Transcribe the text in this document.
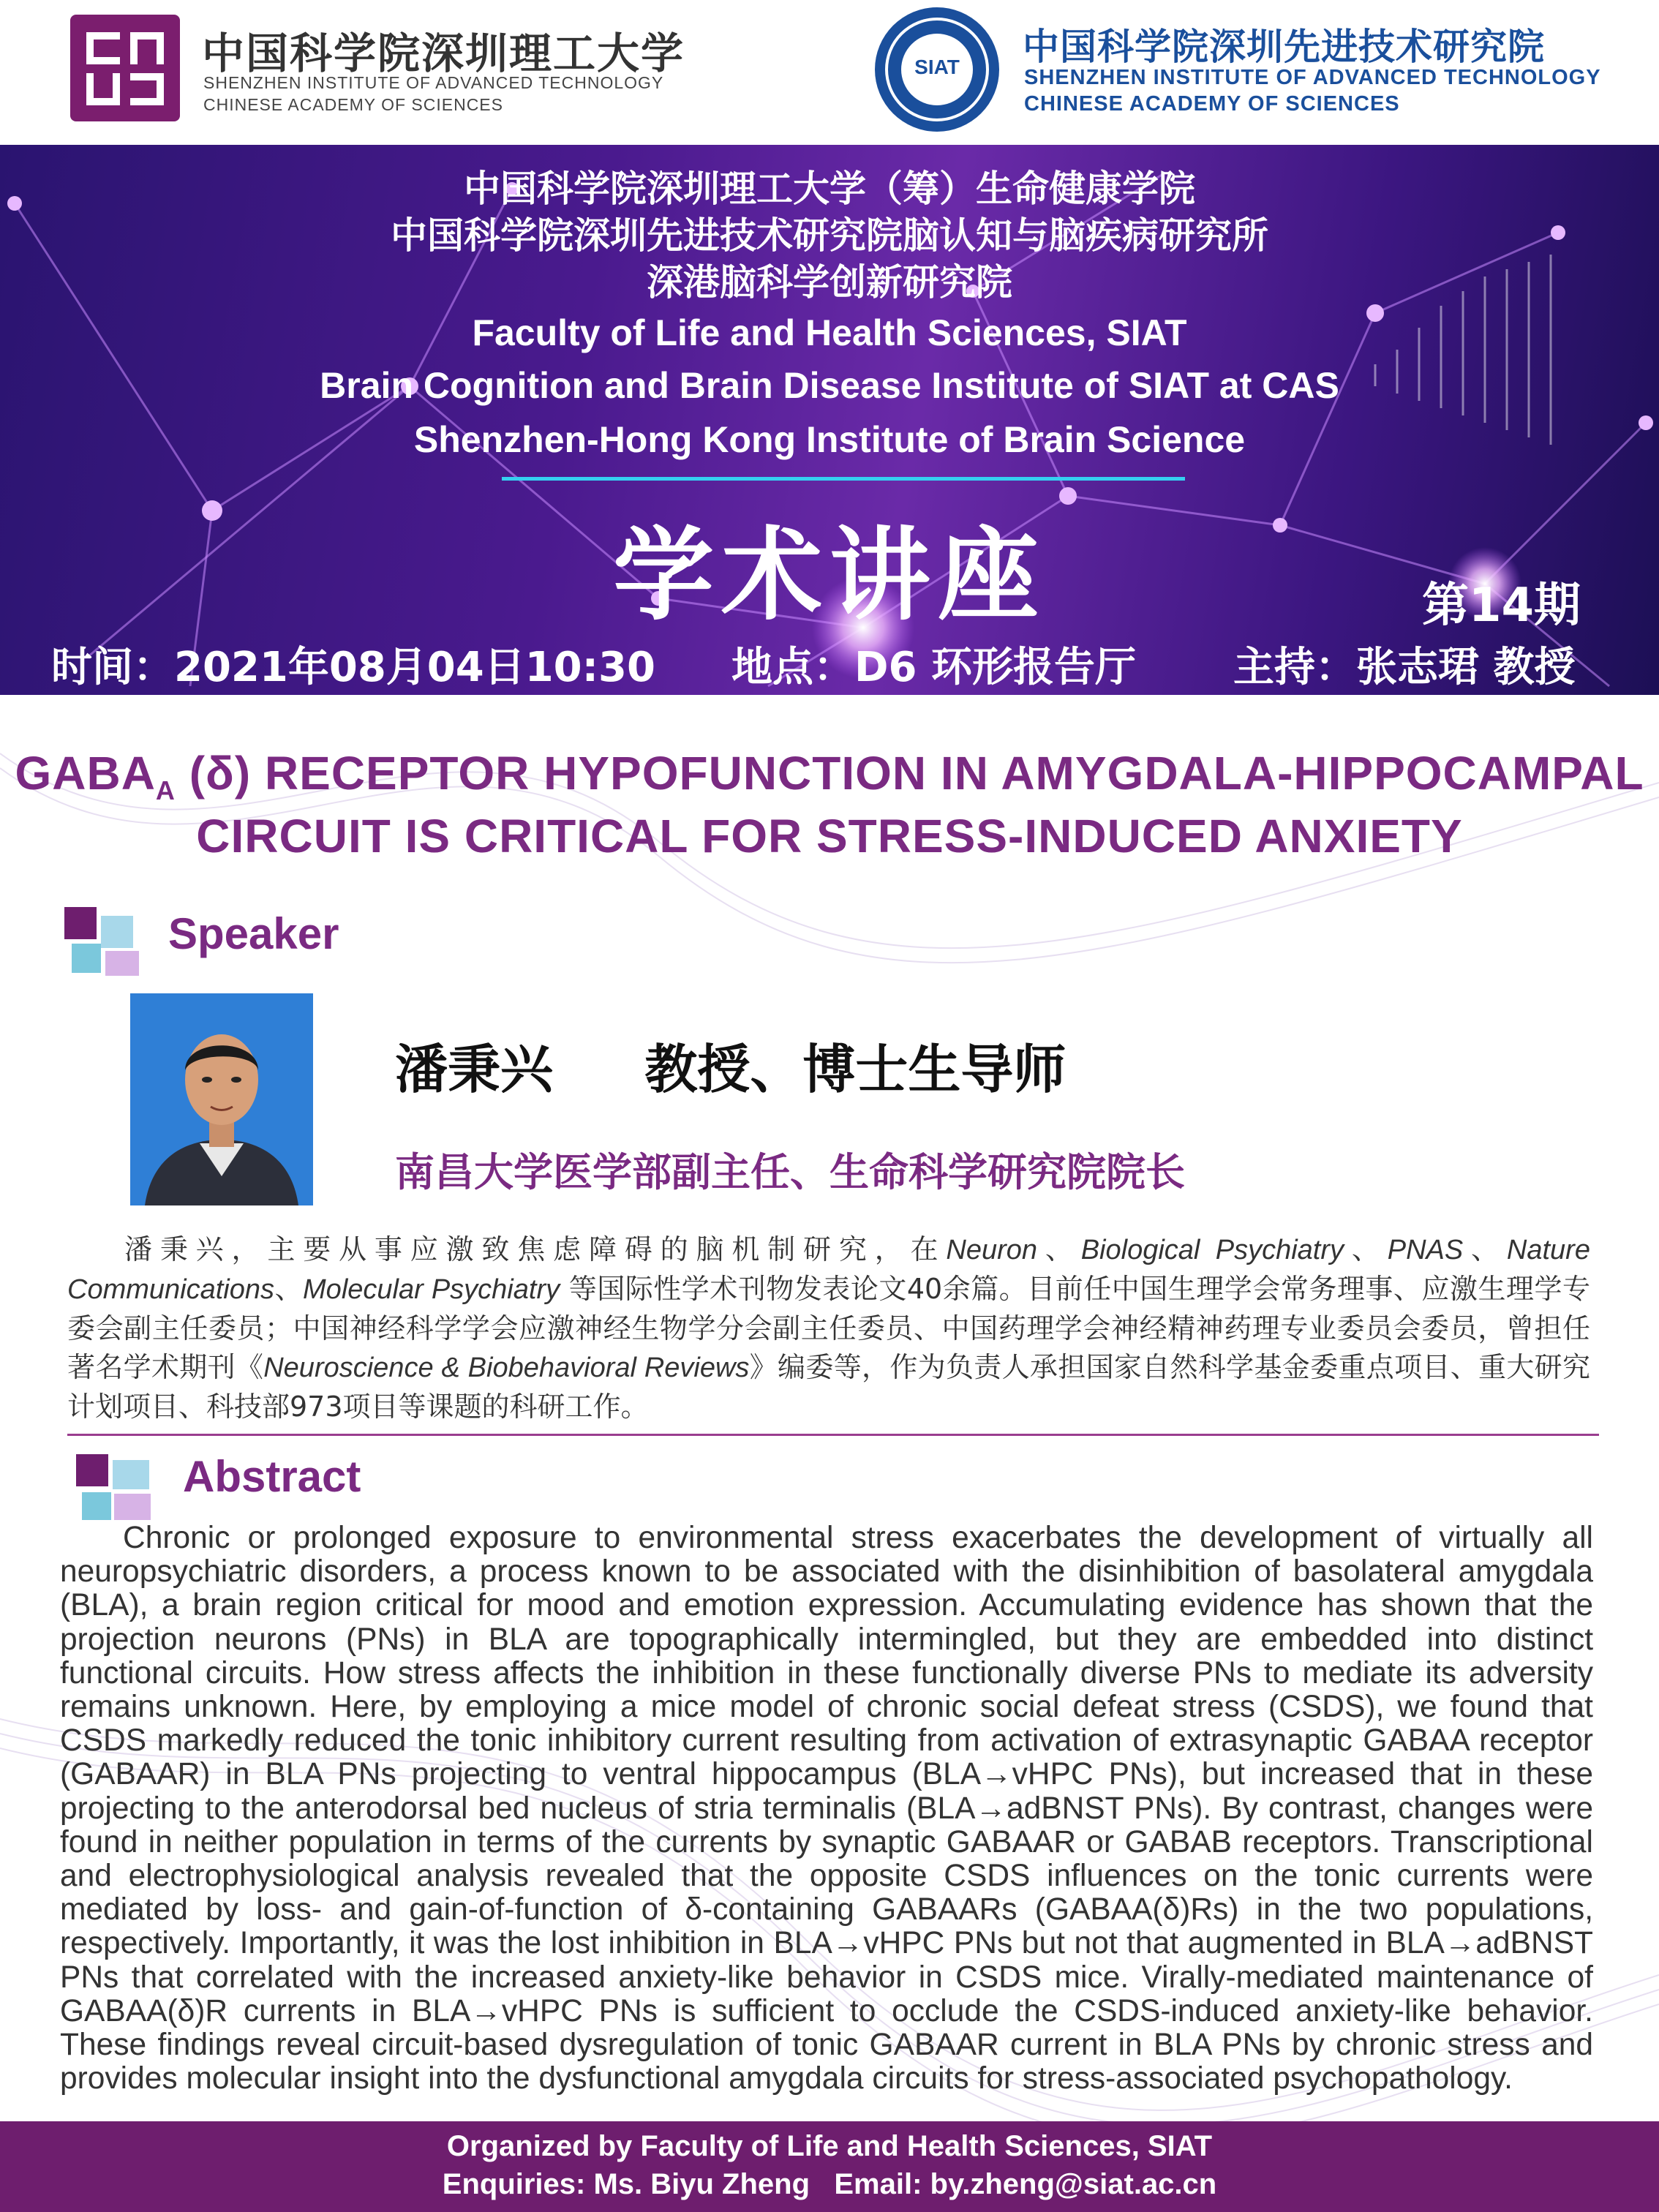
中国科学院深圳理工大学
SHENZHEN INSTITUTE OF ADVANCED TECHNOLOGY
CHINESE ACADEMY OF SCIENCES
SIAT 中国科学院深圳先进技术研究院
SHENZHEN INSTITUTE OF ADVANCED TECHNOLOGY
CHINESE ACADEMY OF SCIENCES
中国科学院深圳理工大学（筹）生命健康学院
中国科学院深圳先进技术研究院脑认知与脑疾病研究所
深港脑科学创新研究院
Faculty of Life and Health Sciences, SIAT
Brain Cognition and Brain Disease Institute of SIAT at CAS
Shenzhen-Hong Kong Institute of Brain Science
学术讲座	第14期
时间：2021年08月04日10:30 地点：D6 环形报告厅 主持：张志珺 教授
$GABA_A$ (δ) RECEPTOR HYPOFUNCTION IN AMYGDALA-HIPPOCAMPAL
CIRCUIT IS CRITICAL FOR STRESS-INDUCED ANXIETY
Speaker
潘秉兴     教授、博士生导师
南昌大学医学部副主任、生命科学研究院院长
潘秉兴，主要从事应激致焦虑障碍的脑机制研究，在Neuron、Biological Psychiatry、PNAS、Nature Communications、Molecular Psychiatry 等国际性学术刊物发表论文40余篇。目前任中国生理学会常务理事、应激生理学专委会副主任委员；中国神经科学学会应激神经生物学分会副主任委员、中国药理学会神经精神药理专业委员会委员，曾担任著名学术期刊《Neuroscience & Biobehavioral Reviews》编委等，作为负责人承担国家自然科学基金委重点项目、重大研究计划项目、科技部973项目等课题的科研工作。
Abstract
Chronic or prolonged exposure to environmental stress exacerbates the development of virtually all neuropsychiatric disorders, a process known to be associated with the disinhibition of basolateral amygdala (BLA), a brain region critical for mood and emotion expression. Accumulating evidence has shown that the projection neurons (PNs) in BLA are topographically intermingled, but they are embedded into distinct functional circuits. How stress affects the inhibition in these functionally diverse PNs to mediate its adversity remains unknown. Here, by employing a mice model of chronic social defeat stress (CSDS), we found that CSDS markedly reduced the tonic inhibitory current resulting from activation of extrasynaptic GABAA receptor (GABAAR) in BLA PNs projecting to ventral hippocampus (BLA→vHPC PNs), but increased that in these projecting to the anterodorsal bed nucleus of stria terminalis (BLA→adBNST PNs). By contrast, changes were found in neither population in terms of the currents by synaptic GABAAR or GABAB receptors. Transcriptional and electrophysiological analysis revealed that the opposite CSDS influences on the tonic currents were mediated by loss- and gain-of-function of δ-containing GABAARs (GABAA(δ)Rs) in the two populations, respectively. Importantly, it was the lost inhibition in BLA→vHPC PNs but not that augmented in BLA→adBNST PNs that correlated with the increased anxiety-like behavior in CSDS mice. Virally-mediated maintenance of GABAA(δ)R currents in BLA→vHPC PNs is sufficient to occlude the CSDS-induced anxiety-like behavior. These findings reveal circuit-based dysregulation of tonic GABAAR current in BLA PNs by chronic stress and provides molecular insight into the dysfunctional amygdala circuits for stress-associated psychopathology.
Organized by Faculty of Life and Health Sciences, SIAT
Enquiries: Ms. Biyu Zheng   Email: by.zheng@siat.ac.cn
